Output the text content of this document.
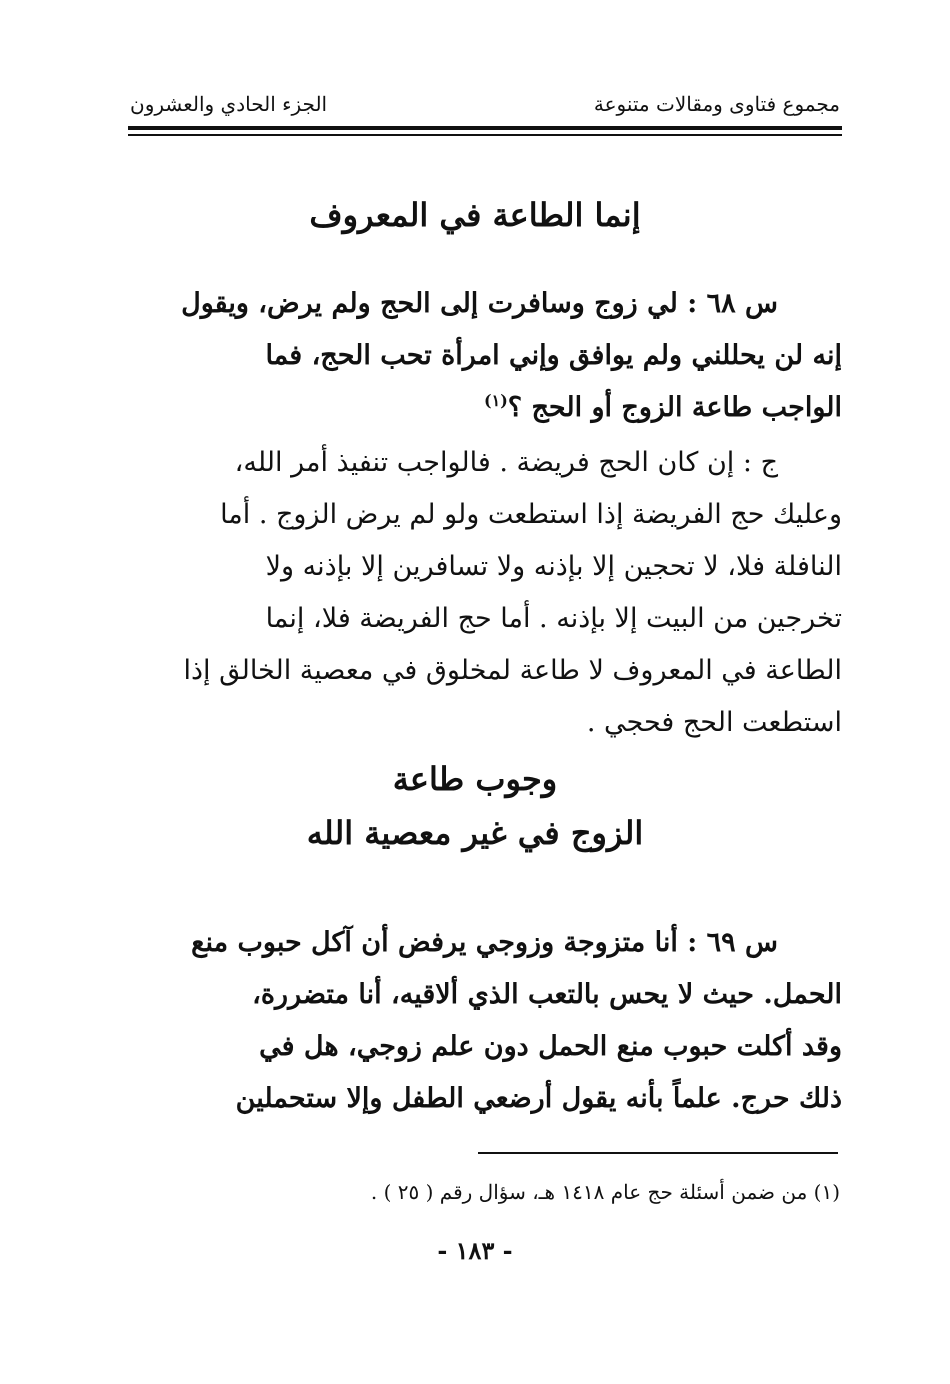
مجموع فتاوى ومقالات متنوعة
الجزء الحادي والعشرون
إنما الطاعة في المعروف
س ٦٨ : لي زوج وسافرت إلى الحج ولم يرض، ويقول
إنه لن يحللني ولم يوافق وإني امرأة تحب الحج، فما
الواجب طاعة الزوج أو الحج ؟$^{(١)}$
ج : إن كان الحج فريضة . فالواجب تنفيذ أمر الله،
وعليك حج الفريضة إذا استطعت ولو لم يرض الزوج . أما
النافلة فلا، لا تحجين إلا بإذنه ولا تسافرين إلا بإذنه ولا
تخرجين من البيت إلا بإذنه . أما حج الفريضة فلا، إنما
الطاعة في المعروف لا طاعة لمخلوق في معصية الخالق إذا
استطعت الحج فحجي .
وجوب طاعة
الزوج في غير معصية الله
س ٦٩ : أنا متزوجة وزوجي يرفض أن آكل حبوب منع
الحمل. حيث لا يحس بالتعب الذي ألاقيه، أنا متضررة،
وقد أكلت حبوب منع الحمل دون علم زوجي، هل في
ذلك حرج. علماً بأنه يقول أرضعي الطفل وإلا ستحملين
(١) من ضمن أسئلة حج عام ١٤١٨ هـ، سؤال رقم ( ٢٥ ) .
- ١٨٣ -
